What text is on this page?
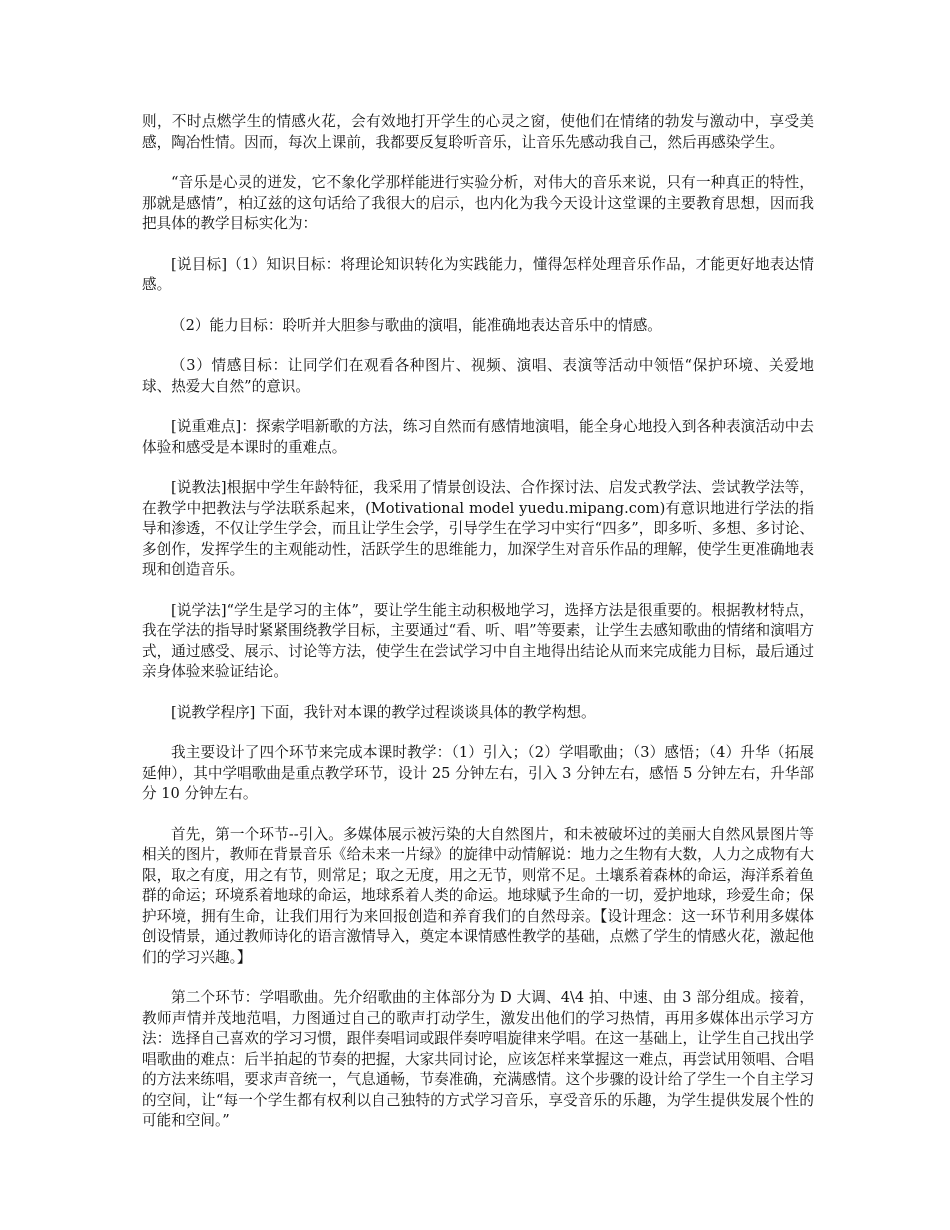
则，不时点燃学生的情感火花，会有效地打开学生的心灵之窗，使他们在情绪的勃发与激动中，享受美感，陶冶性情。因而，每次上课前，我都要反复聆听音乐，让音乐先感动我自己，然后再感染学生。

“音乐是心灵的迸发，它不象化学那样能进行实验分析，对伟大的音乐来说，只有一种真正的特性，那就是感情”，柏辽兹的这句话给了我很大的启示，也内化为我今天设计这堂课的主要教育思想，因而我把具体的教学目标实化为：

[说目标]（1）知识目标：将理论知识转化为实践能力，懂得怎样处理音乐作品，才能更好地表达情感。

（2）能力目标：聆听并大胆参与歌曲的演唱，能准确地表达音乐中的情感。

（3）情感目标：让同学们在观看各种图片、视频、演唱、表演等活动中领悟“保护环境、关爱地球、热爱大自然”的意识。

[说重难点]：探索学唱新歌的方法，练习自然而有感情地演唱，能全身心地投入到各种表演活动中去体验和感受是本课时的重难点。

[说教法]根据中学生年龄特征，我采用了情景创设法、合作探讨法、启发式教学法、尝试教学法等，在教学中把教法与学法联系起来，(Motivational model yuedu.mipang.com)有意识地进行学法的指导和渗透，不仅让学生学会，而且让学生会学，引导学生在学习中实行“四多”，即多听、多想、多讨论、多创作，发挥学生的主观能动性，活跃学生的思维能力，加深学生对音乐作品的理解，使学生更准确地表现和创造音乐。

[说学法]“学生是学习的主体”，要让学生能主动积极地学习，选择方法是很重要的。根据教材特点，我在学法的指导时紧紧围绕教学目标，主要通过“看、听、唱”等要素，让学生去感知歌曲的情绪和演唱方式，通过感受、展示、讨论等方法，使学生在尝试学习中自主地得出结论从而来完成能力目标，最后通过亲身体验来验证结论。

[说教学程序] 下面，我针对本课的教学过程谈谈具体的教学构想。

我主要设计了四个环节来完成本课时教学：（1）引入；（2）学唱歌曲；（3）感悟；（4）升华（拓展延伸），其中学唱歌曲是重点教学环节，设计 25 分钟左右，引入 3 分钟左右，感悟 5 分钟左右，升华部分 10 分钟左右。

首先，第一个环节--引入。多媒体展示被污染的大自然图片，和未被破坏过的美丽大自然风景图片等相关的图片，教师在背景音乐《给未来一片绿》的旋律中动情解说：地力之生物有大数，人力之成物有大限，取之有度，用之有节，则常足；取之无度，用之无节，则常不足。土壤系着森林的命运，海洋系着鱼群的命运；环境系着地球的命运，地球系着人类的命运。地球赋予生命的一切，爱护地球，珍爱生命；保护环境，拥有生命，让我们用行为来回报创造和养育我们的自然母亲。【设计理念：这一环节利用多媒体创设情景，通过教师诗化的语言激情导入，奠定本课情感性教学的基础，点燃了学生的情感火花，激起他们的学习兴趣。】

第二个环节：学唱歌曲。先介绍歌曲的主体部分为 D 大调、4\4 拍、中速、由 3 部分组成。接着，教师声情并茂地范唱，力图通过自己的歌声打动学生，激发出他们的学习热情，再用多媒体出示学习方法：选择自己喜欢的学习习惯，跟伴奏唱词或跟伴奏哼唱旋律来学唱。在这一基础上，让学生自己找出学唱歌曲的难点：后半拍起的节奏的把握，大家共同讨论，应该怎样来掌握这一难点，再尝试用领唱、合唱的方法来练唱，要求声音统一，气息通畅，节奏准确，充满感情。这个步骤的设计给了学生一个自主学习的空间，让“每一个学生都有权利以自己独特的方式学习音乐，享受音乐的乐趣，为学生提供发展个性的可能和空间。”
